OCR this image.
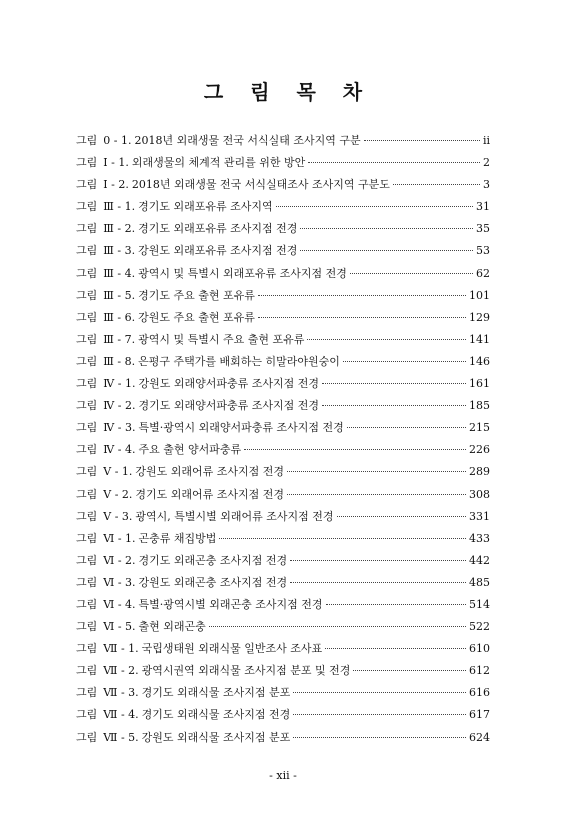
그 림 목 차
그림 0 - 1. 2018년 외래생물 전국 서식실태 조사지역 구분	ii
그림 Ⅰ - 1. 외래생물의 체계적 관리를 위한 방안	2
그림 Ⅰ - 2. 2018년 외래생물 전국 서식실태조사 조사지역 구분도	3
그림 Ⅲ - 1. 경기도 외래포유류 조사지역	31
그림 Ⅲ - 2. 경기도 외래포유류 조사지점 전경	35
그림 Ⅲ - 3. 강원도 외래포유류 조사지점 전경	53
그림 Ⅲ - 4. 광역시 및 특별시 외래포유류 조사지점 전경	62
그림 Ⅲ - 5. 경기도 주요 출현 포유류	101
그림 Ⅲ - 6. 강원도 주요 출현 포유류	129
그림 Ⅲ - 7. 광역시 및 특별시 주요 출현 포유류	141
그림 Ⅲ - 8. 은평구 주택가를 배회하는 히말라야원숭이	146
그림 Ⅳ - 1. 강원도 외래양서파충류 조사지점 전경	161
그림 Ⅳ - 2. 경기도 외래양서파충류 조사지점 전경	185
그림 Ⅳ - 3. 특별·광역시 외래양서파충류 조사지점 전경	215
그림 Ⅳ - 4. 주요 출현 양서파충류	226
그림 Ⅴ - 1. 강원도 외래어류 조사지점 전경	289
그림 Ⅴ - 2. 경기도 외래어류 조사지점 전경	308
그림 Ⅴ - 3. 광역시, 특별시별 외래어류 조사지점 전경	331
그림 Ⅵ - 1. 곤충류 채집방법	433
그림 Ⅵ - 2. 경기도 외래곤충 조사지점 전경	442
그림 Ⅵ - 3. 강원도 외래곤충 조사지점 전경	485
그림 Ⅵ - 4. 특별·광역시별 외래곤충 조사지점 전경	514
그림 Ⅵ - 5. 출현 외래곤충	522
그림 Ⅶ - 1. 국립생태원 외래식물 일반조사 조사표	610
그림 Ⅶ - 2. 광역시권역 외래식물 조사지점 분포 및 전경	612
그림 Ⅶ - 3. 경기도 외래식물 조사지점 분포	616
그림 Ⅶ - 4. 경기도 외래식물 조사지점 전경	617
그림 Ⅶ - 5. 강원도 외래식물 조사지점 분포	624
- xii -
